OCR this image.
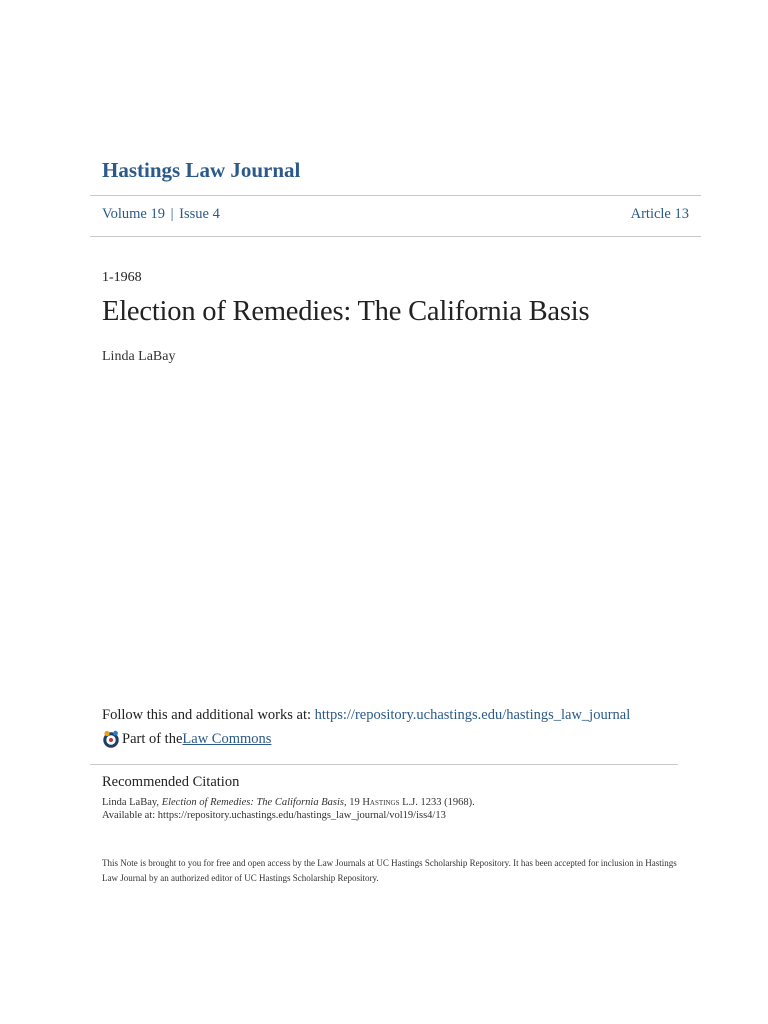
Hastings Law Journal
Volume 19 | Issue 4	Article 13
1-1968
Election of Remedies: The California Basis
Linda LaBay
Follow this and additional works at: https://repository.uchastings.edu/hastings_law_journal
Part of the Law Commons
Recommended Citation
Linda LaBay, Election of Remedies: The California Basis, 19 Hastings L.J. 1233 (1968).
Available at: https://repository.uchastings.edu/hastings_law_journal/vol19/iss4/13
This Note is brought to you for free and open access by the Law Journals at UC Hastings Scholarship Repository. It has been accepted for inclusion in Hastings Law Journal by an authorized editor of UC Hastings Scholarship Repository.
